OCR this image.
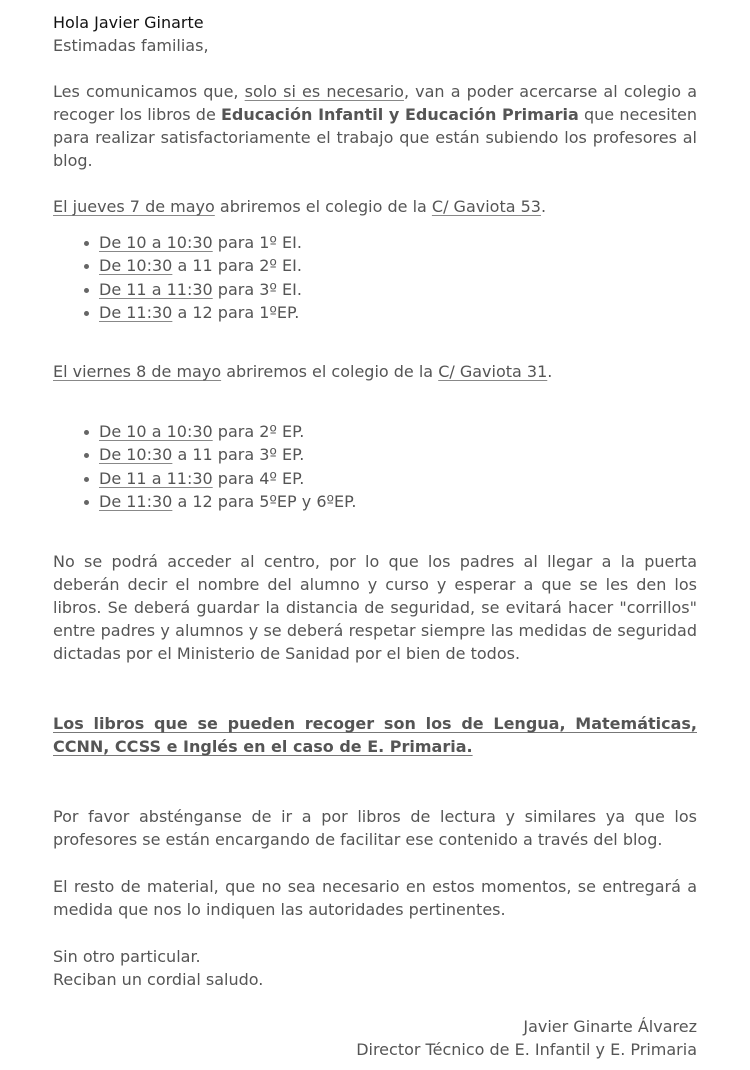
Hola Javier Ginarte
Estimadas familias,

Les comunicamos que, solo si es necesario, van a poder acercarse al colegio a recoger los libros de Educación Infantil y Educación Primaria que necesiten para realizar satisfactoriamente el trabajo que están subiendo los profesores al blog.

El jueves 7 de mayo abriremos el colegio de la C/ Gaviota 53.

De 10 a 10:30 para 1º EI.
De 10:30 a 11 para 2º EI.
De 11 a 11:30 para 3º EI.
De 11:30 a 12 para 1ºEP.

El viernes 8 de mayo abriremos el colegio de la C/ Gaviota 31.

De 10 a 10:30 para 2º EP.
De 10:30 a 11 para 3º EP.
De 11 a 11:30 para 4º EP.
De 11:30 a 12 para 5ºEP y 6ºEP.

No se podrá acceder al centro, por lo que los padres al llegar a la puerta deberán decir el nombre del alumno y curso y esperar a que se les den los libros. Se deberá guardar la distancia de seguridad, se evitará hacer "corrillos" entre padres y alumnos y se deberá respetar siempre las medidas de seguridad dictadas por el Ministerio de Sanidad por el bien de todos.

Los libros que se pueden recoger son los de Lengua, Matemáticas, CCNN, CCSS e Inglés en el caso de E. Primaria.

Por favor absténganse de ir a por libros de lectura y similares ya que los profesores se están encargando de facilitar ese contenido a través del blog.

El resto de material, que no sea necesario en estos momentos, se entregará a medida que nos lo indiquen las autoridades pertinentes.

Sin otro particular.
Reciban un cordial saludo.
Javier Ginarte Álvarez
Director Técnico de E. Infantil y E. Primaria
